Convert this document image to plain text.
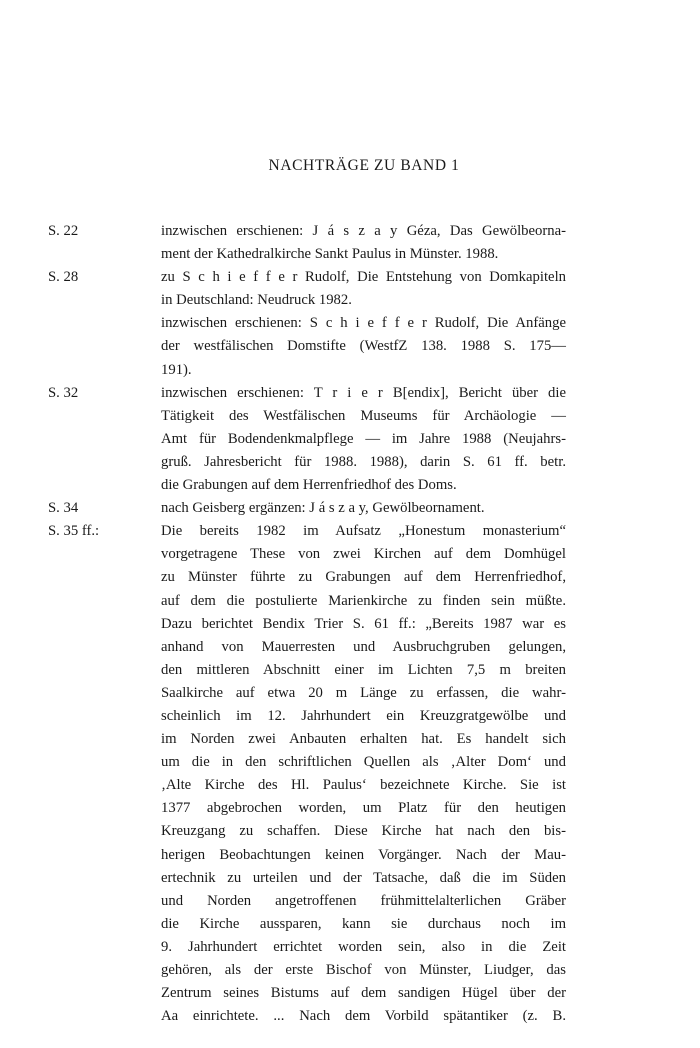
NACHTRÄGE ZU BAND 1
S. 22	inzwischen erschienen: J á s z a y Géza, Das Gewölbeorna-
ment der Kathedralkirche Sankt Paulus in Münster. 1988.
S. 28	zu S c h i e f f e r Rudolf, Die Entstehung von Domkapiteln
in Deutschland: Neudruck 1982.
inzwischen erschienen: S c h i e f f e r Rudolf, Die Anfänge
der westfälischen Domstifte (WestfZ 138. 1988 S. 175—
191).
S. 32	inzwischen erschienen: T r i e r B[endix], Bericht über die
Tätigkeit des Westfälischen Museums für Archäologie —
Amt für Bodendenkmalpflege — im Jahre 1988 (Neujahrs-
gruß. Jahresbericht für 1988. 1988), darin S. 61 ff. betr.
die Grabungen auf dem Herrenfriedhof des Doms.
S. 34	nach Geisberg ergänzen: J á s z a y, Gewölbeornament.
S. 35 ff.:	Die bereits 1982 im Aufsatz „Honestum monasterium“
vorgetragene These von zwei Kirchen auf dem Domhügel
zu Münster führte zu Grabungen auf dem Herrenfriedhof,
auf dem die postulierte Marienkirche zu finden sein müßte.
Dazu berichtet Bendix Trier S. 61 ff.: „Bereits 1987 war es
anhand von Mauerresten und Ausbruchgruben gelungen,
den mittleren Abschnitt einer im Lichten 7,5 m breiten
Saalkirche auf etwa 20 m Länge zu erfassen, die wahr-
scheinlich im 12. Jahrhundert ein Kreuzgratgewölbe und
im Norden zwei Anbauten erhalten hat. Es handelt sich
um die in den schriftlichen Quellen als ‚Alter Dom‘ und
‚Alte Kirche des Hl. Paulus‘ bezeichnete Kirche. Sie ist
1377 abgebrochen worden, um Platz für den heutigen
Kreuzgang zu schaffen. Diese Kirche hat nach den bis-
herigen Beobachtungen keinen Vorgänger. Nach der Mau-
ertechnik zu urteilen und der Tatsache, daß die im Süden
und Norden angetroffenen frühmittelalterlichen Gräber
die Kirche aussparen, kann sie durchaus noch im
9. Jahrhundert errichtet worden sein, also in die Zeit
gehören, als der erste Bischof von Münster, Liudger, das
Zentrum seines Bistums auf dem sandigen Hügel über der
Aa einrichtete. ... Nach dem Vorbild spätantiker (z. B.
